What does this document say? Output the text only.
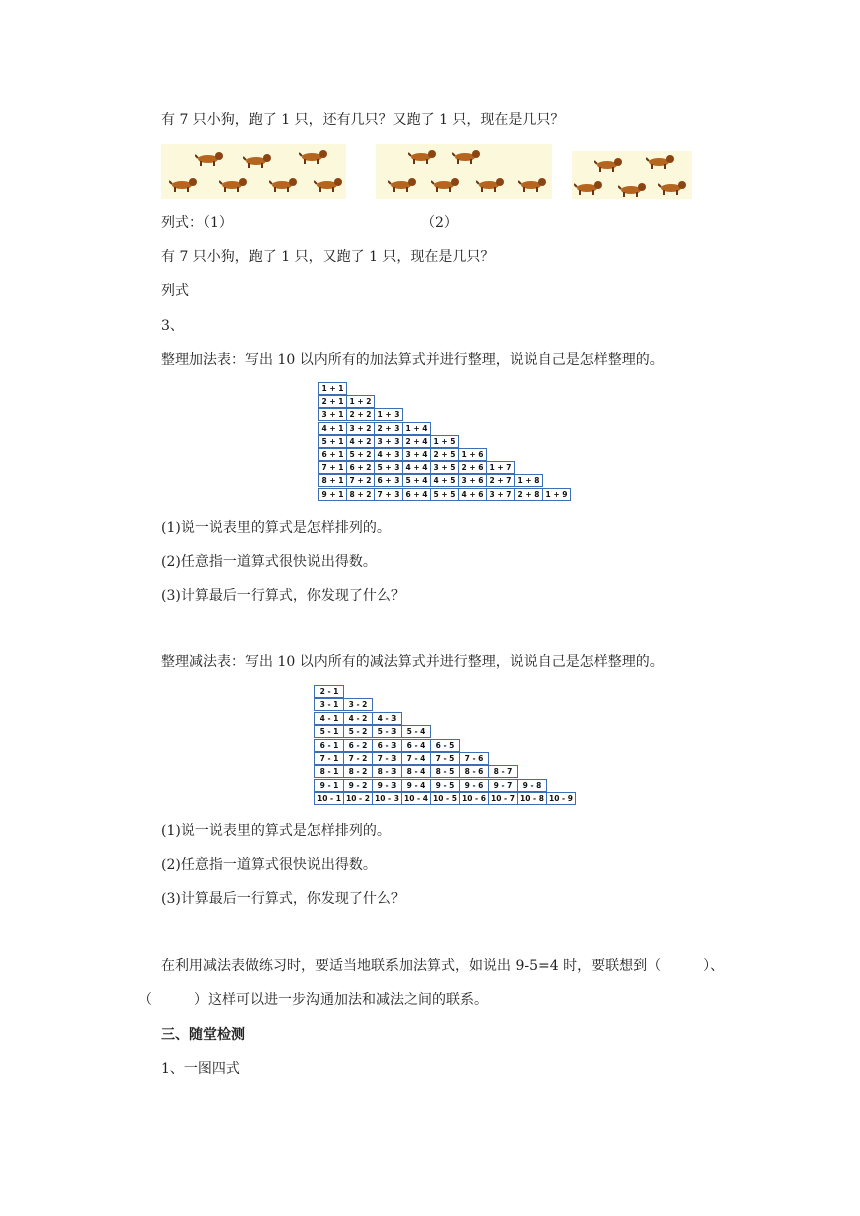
有 7 只小狗，跑了 1 只，还有几只？又跑了 1 只，现在是几只？
列式：（1）	（2）
有 7 只小狗，跑了 1 只，又跑了 1 只，现在是几只？
列式
3、
整理加法表：写出 10 以内所有的加法算式并进行整理，说说自己是怎样整理的。
1 + 1
2 + 1 1 + 2
3 + 1 2 + 2 1 + 3
4 + 1 3 + 2 2 + 3 1 + 4
5 + 1 4 + 2 3 + 3 2 + 4 1 + 5
6 + 1 5 + 2 4 + 3 3 + 4 2 + 5 1 + 6
7 + 1 6 + 2 5 + 3 4 + 4 3 + 5 2 + 6 1 + 7
8 + 1 7 + 2 6 + 3 5 + 4 4 + 5 3 + 6 2 + 7 1 + 8
9 + 1 8 + 2 7 + 3 6 + 4 5 + 5 4 + 6 3 + 7 2 + 8 1 + 9
(1)说一说表里的算式是怎样排列的。
(2)任意指一道算式很快说出得数。
(3)计算最后一行算式，你发现了什么？
整理减法表：写出 10 以内所有的减法算式并进行整理，说说自己是怎样整理的。
2 - 1
3 - 1	3 - 2
4 - 1	4 - 2	4 - 3
5 - 1	5 - 2	5 - 3	5 - 4
6 - 1	6 - 2	6 - 3	6 - 4	6 - 5
7 - 1	7 - 2	7 - 3	7 - 4	7 - 5	7 - 6
8 - 1	8 - 2	8 - 3	8 - 4	8 - 5	8 - 6	8 - 7
9 - 1	9 - 2	9 - 3	9 - 4	9 - 5	9 - 6	9 - 7	9 - 8
10 - 1 10 - 2 10 - 3 10 - 4 10 - 5 10 - 6 10 - 7 10 - 8 10 - 9
(1)说一说表里的算式是怎样排列的。
(2)任意指一道算式很快说出得数。
(3)计算最后一行算式，你发现了什么？
在利用减法表做练习时，要适当地联系加法算式，如说出 9-5=4 时，要联想到（　　　）、
（　　　）这样可以进一步沟通加法和减法之间的联系。
三、随堂检测
1、一图四式
